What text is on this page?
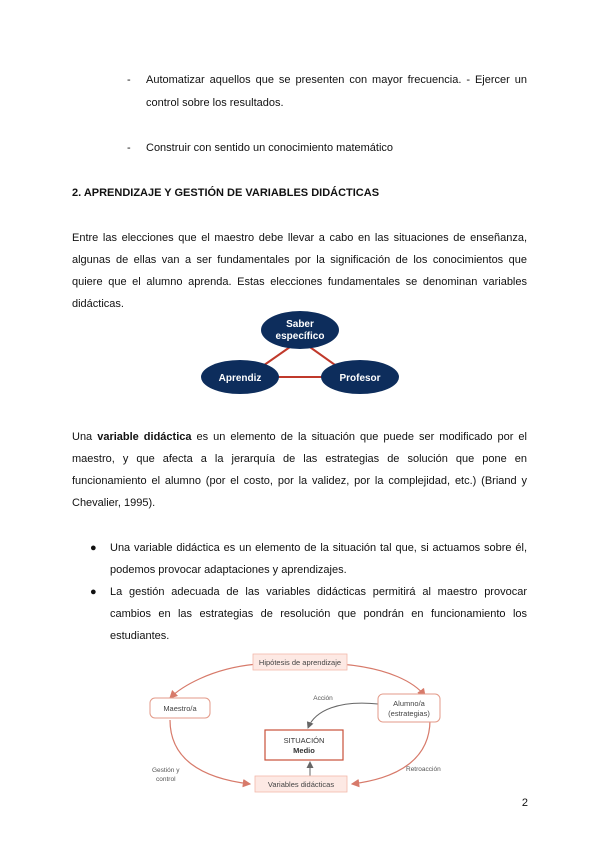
- Automatizar aquellos que se presenten con mayor frecuencia. - Ejercer un
control sobre los resultados.
- Construir con sentido un conocimiento matemático
2. APRENDIZAJE Y GESTIÓN DE VARIABLES DIDÁCTICAS
Entre las elecciones que el maestro debe llevar a cabo en las situaciones de enseñanza,
algunas de ellas van a ser fundamentales por la significación de los conocimientos que
quiere que el alumno aprenda. Estas elecciones fundamentales se denominan variables
didácticas.
Saber
específico
Aprendiz	Profesor
Una variable didáctica es un elemento de la situación que puede ser modificado por el
maestro, y que afecta a la jerarquía de las estrategias de solución que pone en
funcionamiento el alumno (por el costo, por la validez, por la complejidad, etc.) (Briand y
Chevalier, 1995).
● Una variable didáctica es un elemento de la situación tal que, si actuamos sobre él,
podemos provocar adaptaciones y aprendizajes.
● La gestión adecuada de las variables didácticas permitirá al maestro provocar
cambios en las estrategias de resolución que pondrán en funcionamiento los
estudiantes.
Hipótesis de aprendizaje
Maestro/a
Alumno/a
(estrategias)
SITUACIÓN
Medio
Variables didácticas
Acción
Gestión y
control
Retroacción
2
